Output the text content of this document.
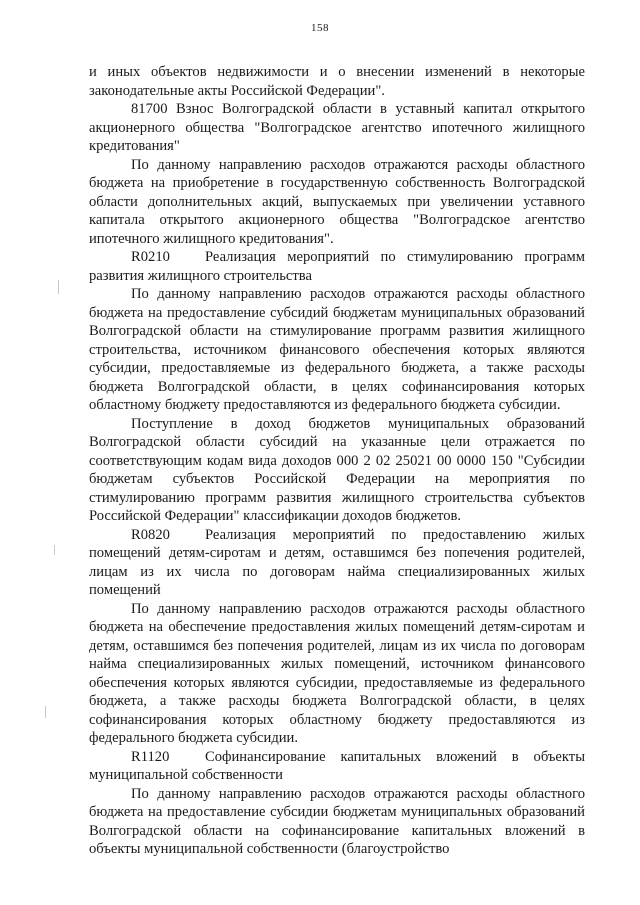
158

и иных объектов недвижимости и о внесении изменений в некоторые законодательные акты Российской Федерации".

81700 Взнос Волгоградской области в уставный капитал открытого акционерного общества "Волгоградское агентство ипотечного жилищного кредитования"

По данному направлению расходов отражаются расходы областного бюджета на приобретение в государственную собственность Волгоградской области дополнительных акций, выпускаемых при увеличении уставного капитала открытого акционерного общества "Волгоградское агентство ипотечного жилищного кредитования".

R0210 Реализация мероприятий по стимулированию программ развития жилищного строительства

По данному направлению расходов отражаются расходы областного бюджета на предоставление субсидий бюджетам муниципальных образований Волгоградской области на стимулирование программ развития жилищного строительства, источником финансового обеспечения которых являются субсидии, предоставляемые из федерального бюджета, а также расходы бюджета Волгоградской области, в целях софинансирования которых областному бюджету предоставляются из федерального бюджета субсидии.

Поступление в доход бюджетов муниципальных образований Волгоградской области субсидий на указанные цели отражается по соответствующим кодам вида доходов 000 2 02 25021 00 0000 150 "Субсидии бюджетам субъектов Российской Федерации на мероприятия по стимулированию программ развития жилищного строительства субъектов Российской Федерации" классификации доходов бюджетов.

R0820 Реализация мероприятий по предоставлению жилых помещений детям-сиротам и детям, оставшимся без попечения родителей, лицам из их числа по договорам найма специализированных жилых помещений

По данному направлению расходов отражаются расходы областного бюджета на обеспечение предоставления жилых помещений детям-сиротам и детям, оставшимся без попечения родителей, лицам из их числа по договорам найма специализированных жилых помещений, источником финансового обеспечения которых являются субсидии, предоставляемые из федерального бюджета, а также расходы бюджета Волгоградской области, в целях софинансирования которых областному бюджету предоставляются из федерального бюджета субсидии.

R1120 Софинансирование капитальных вложений в объекты муниципальной собственности

По данному направлению расходов отражаются расходы областного бюджета на предоставление субсидии бюджетам муниципальных образований Волгоградской области на софинансирование капитальных вложений в объекты муниципальной собственности (благоустройство
